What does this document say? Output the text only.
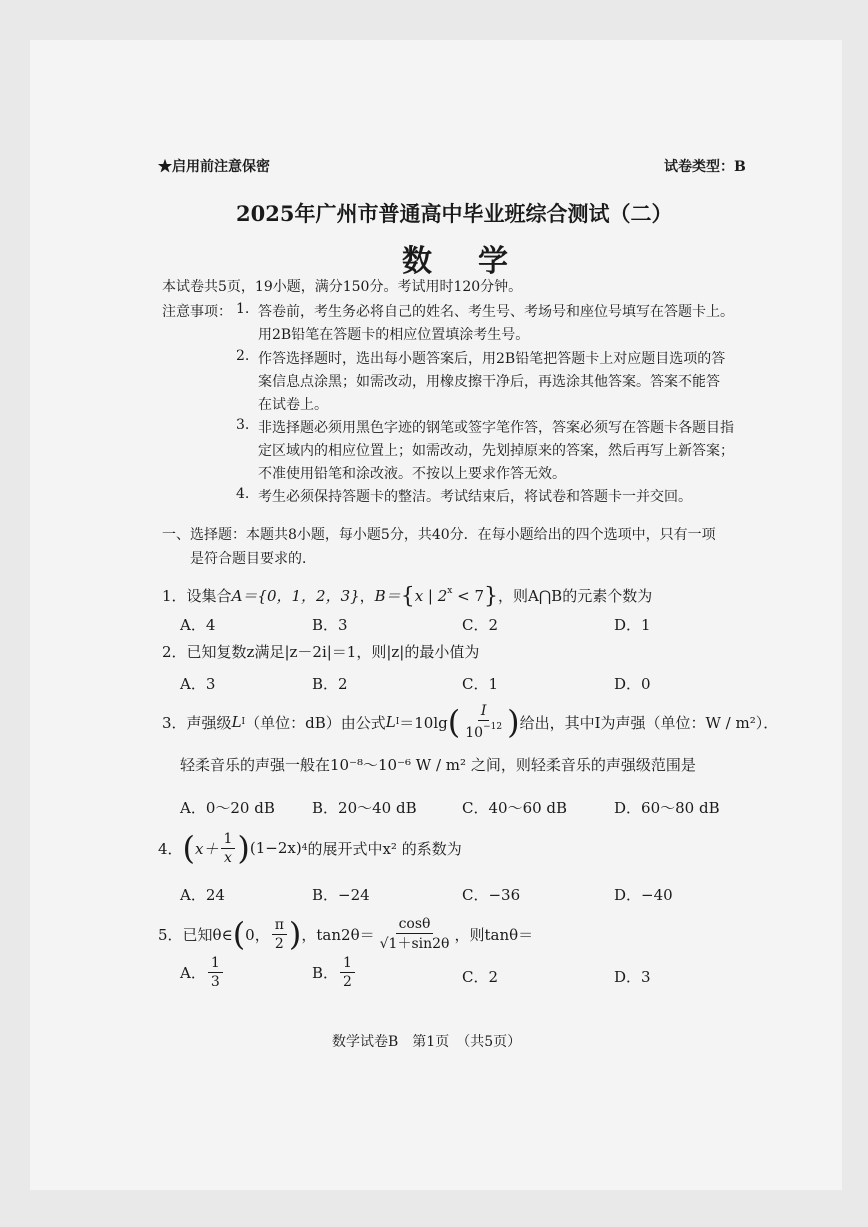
★启用前注意保密	试卷类型：B
2025年广州市普通高中毕业班综合测试（二）
数　学
本试卷共5页，19小题，满分150分。考试用时120分钟。
注意事项： 1. 答卷前，考生务必将自己的姓名、考生号、考场号和座位号填写在答题卡上。
用2B铅笔在答题卡的相应位置填涂考生号。
2. 作答选择题时，选出每小题答案后，用2B铅笔把答题卡上对应题目选项的答
案信息点涂黑；如需改动，用橡皮擦干净后，再选涂其他答案。答案不能答
在试卷上。
3. 非选择题必须用黑色字迹的钢笔或签字笔作答，答案必须写在答题卡各题目指
定区域内的相应位置上；如需改动，先划掉原来的答案，然后再写上新答案；
不准使用铅笔和涂改液。不按以上要求作答无效。
4. 考生必须保持答题卡的整洁。考试结束后，将试卷和答题卡一并交回。
一、选择题：本题共8小题，每小题5分，共40分．在每小题给出的四个选项中，只有一项
是符合题目要求的．
1．设集合A＝{0，1，2，3}，B＝{x | $2^x < 7$}，则A⋂B的元素个数为
A．4	B．3	C．2	D．1
2．已知复数z满足|z－2i|＝1，则|z|的最小值为
A．3	B．2	C．1	D．0
3． 声强级 L I （单位：dB）由公式 L I ＝10lg ( $\frac{I}{10^{-12}}$ ) 给出，其中I为声强（单位：W / m²）．
轻柔音乐的声强一般在10⁻⁸～10⁻⁶ W / m² 之间，则轻柔音乐的声强级范围是
A．0～20 dB B．20～40 dB	C．40～60 dB	D．60～80 dB
4． ( $x+ \frac{1}{x}$ ) (1−2x) 4 的展开式中x² 的系数为
A．24	B．−24	C．−36	D．−40
5． 已知θ∈ ( 0， $\frac{\pi}{2}$ ) ，$\tan 2\theta= \frac{\cos\theta}{√1+\sin 2\theta}$ ，则tanθ＝
A． $\frac{1}{3}$	B． $\frac{1}{2}$	C．2	D．3
数学试卷B　第1页　（共5页）
